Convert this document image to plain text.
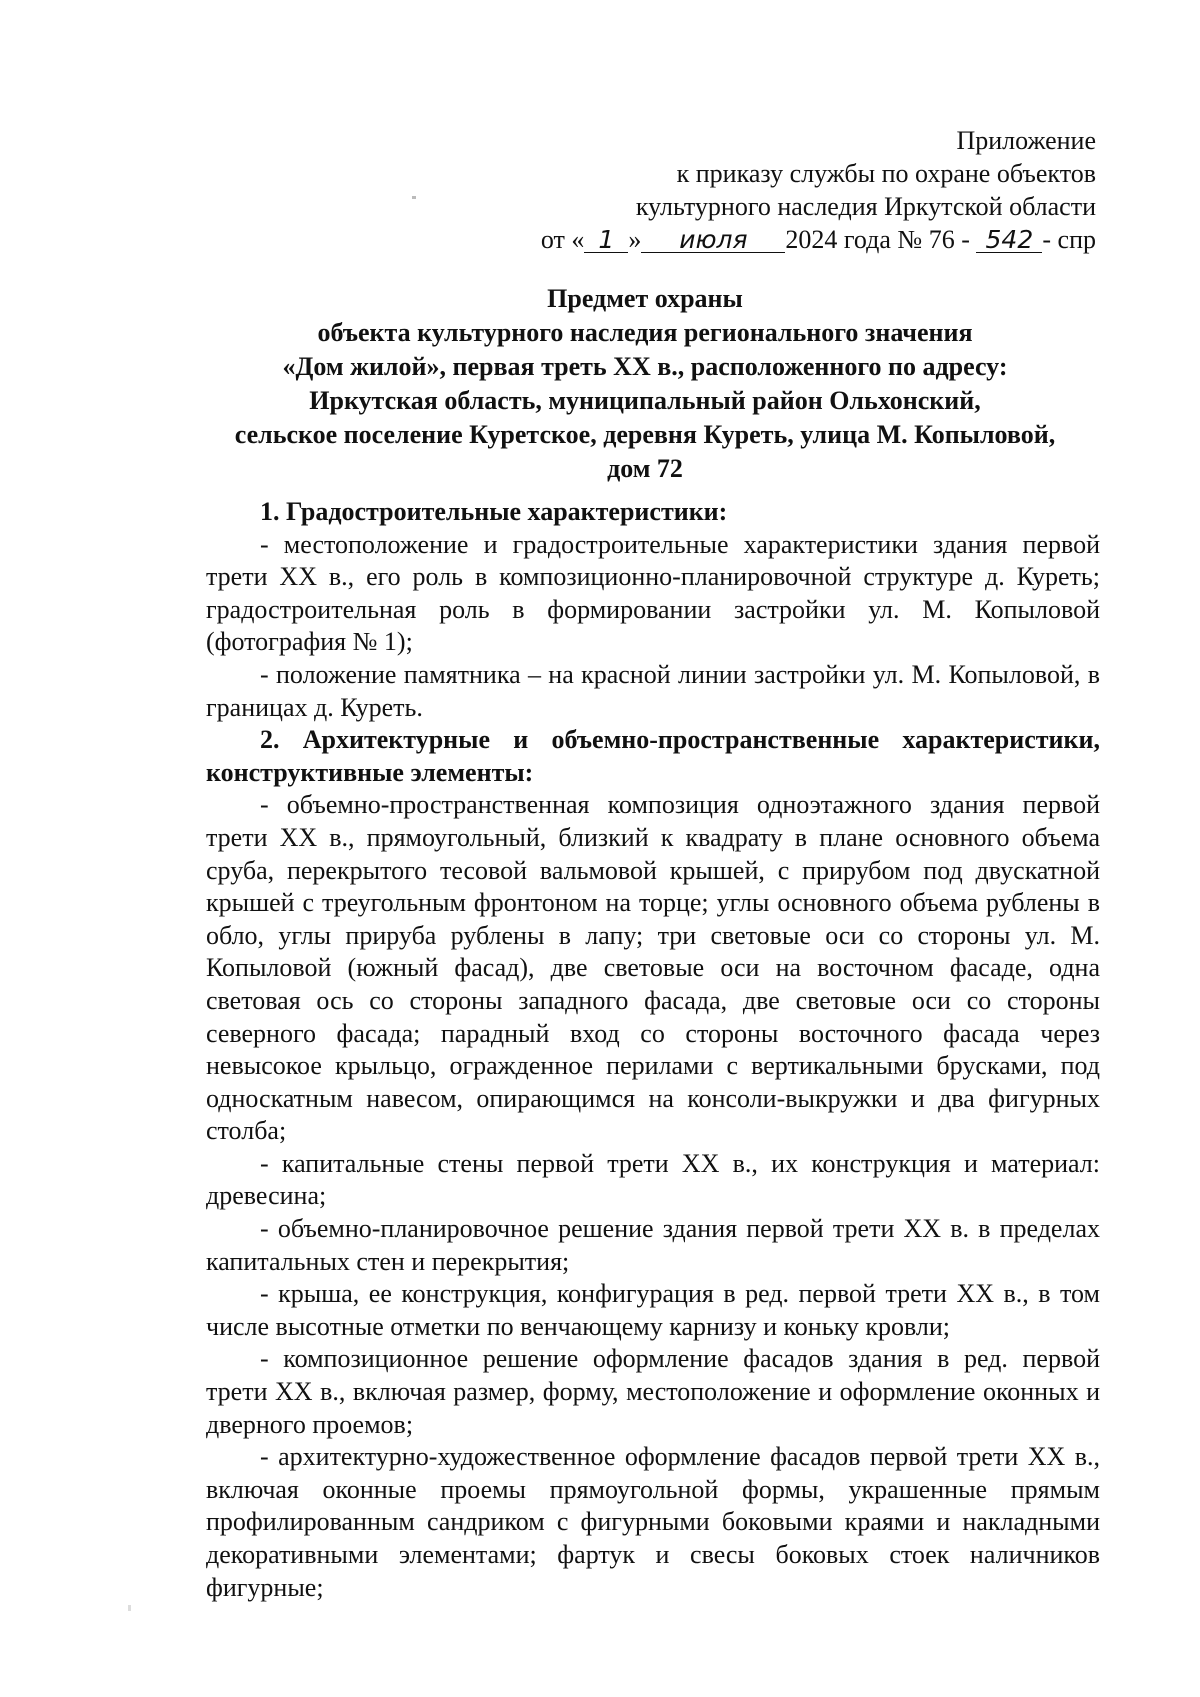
Приложение
к приказу службы по охране объектов
культурного наследия Иркутской области
от « 1 » июля 2024 года № 76 - 542 - спр
Предмет охраны
объекта культурного наследия регионального значения
«Дом жилой», первая треть XX в., расположенного по адресу:
Иркутская область, муниципальный район Ольхонский,
сельское поселение Куретское, деревня Куреть, улица М. Копыловой,
дом 72

1. Градостроительные характеристики:

- местоположение и градостроительные характеристики здания первой трети XX в., его роль в композиционно-планировочной структуре д. Куреть; градостроительная роль в формировании застройки ул. М. Копыловой (фотография № 1);

- положение памятника – на красной линии застройки ул. М. Копыловой, в границах д. Куреть.

2. Архитектурные и объемно-пространственные характеристики, конструктивные элементы:

- объемно-пространственная композиция одноэтажного здания первой трети XX в., прямоугольный, близкий к квадрату в плане основного объема сруба, перекрытого тесовой вальмовой крышей, с прирубом под двускатной крышей с треугольным фронтоном на торце; углы основного объема рублены в обло, углы прируба рублены в лапу; три световые оси со стороны ул. М. Копыловой (южный фасад), две световые оси на восточном фасаде, одна световая ось со стороны западного фасада, две световые оси со стороны северного фасада; парадный вход со стороны восточного фасада через невысокое крыльцо, огражденное перилами с вертикальными брусками, под односкатным навесом, опирающимся на консоли-выкружки и два фигурных столба;

- капитальные стены первой трети XX в., их конструкция и материал: древесина;

- объемно-планировочное решение здания первой трети XX в. в пределах капитальных стен и перекрытия;

- крыша, ее конструкция, конфигурация в ред. первой трети XX в., в том числе высотные отметки по венчающему карнизу и коньку кровли;

- композиционное решение оформление фасадов здания в ред. первой трети XX в., включая размер, форму, местоположение и оформление оконных и дверного проемов;

- архитектурно-художественное оформление фасадов первой трети XX в., включая оконные проемы прямоугольной формы, украшенные прямым профилированным сандриком с фигурными боковыми краями и накладными декоративными элементами; фартук и свесы боковых стоек наличников фигурные;
